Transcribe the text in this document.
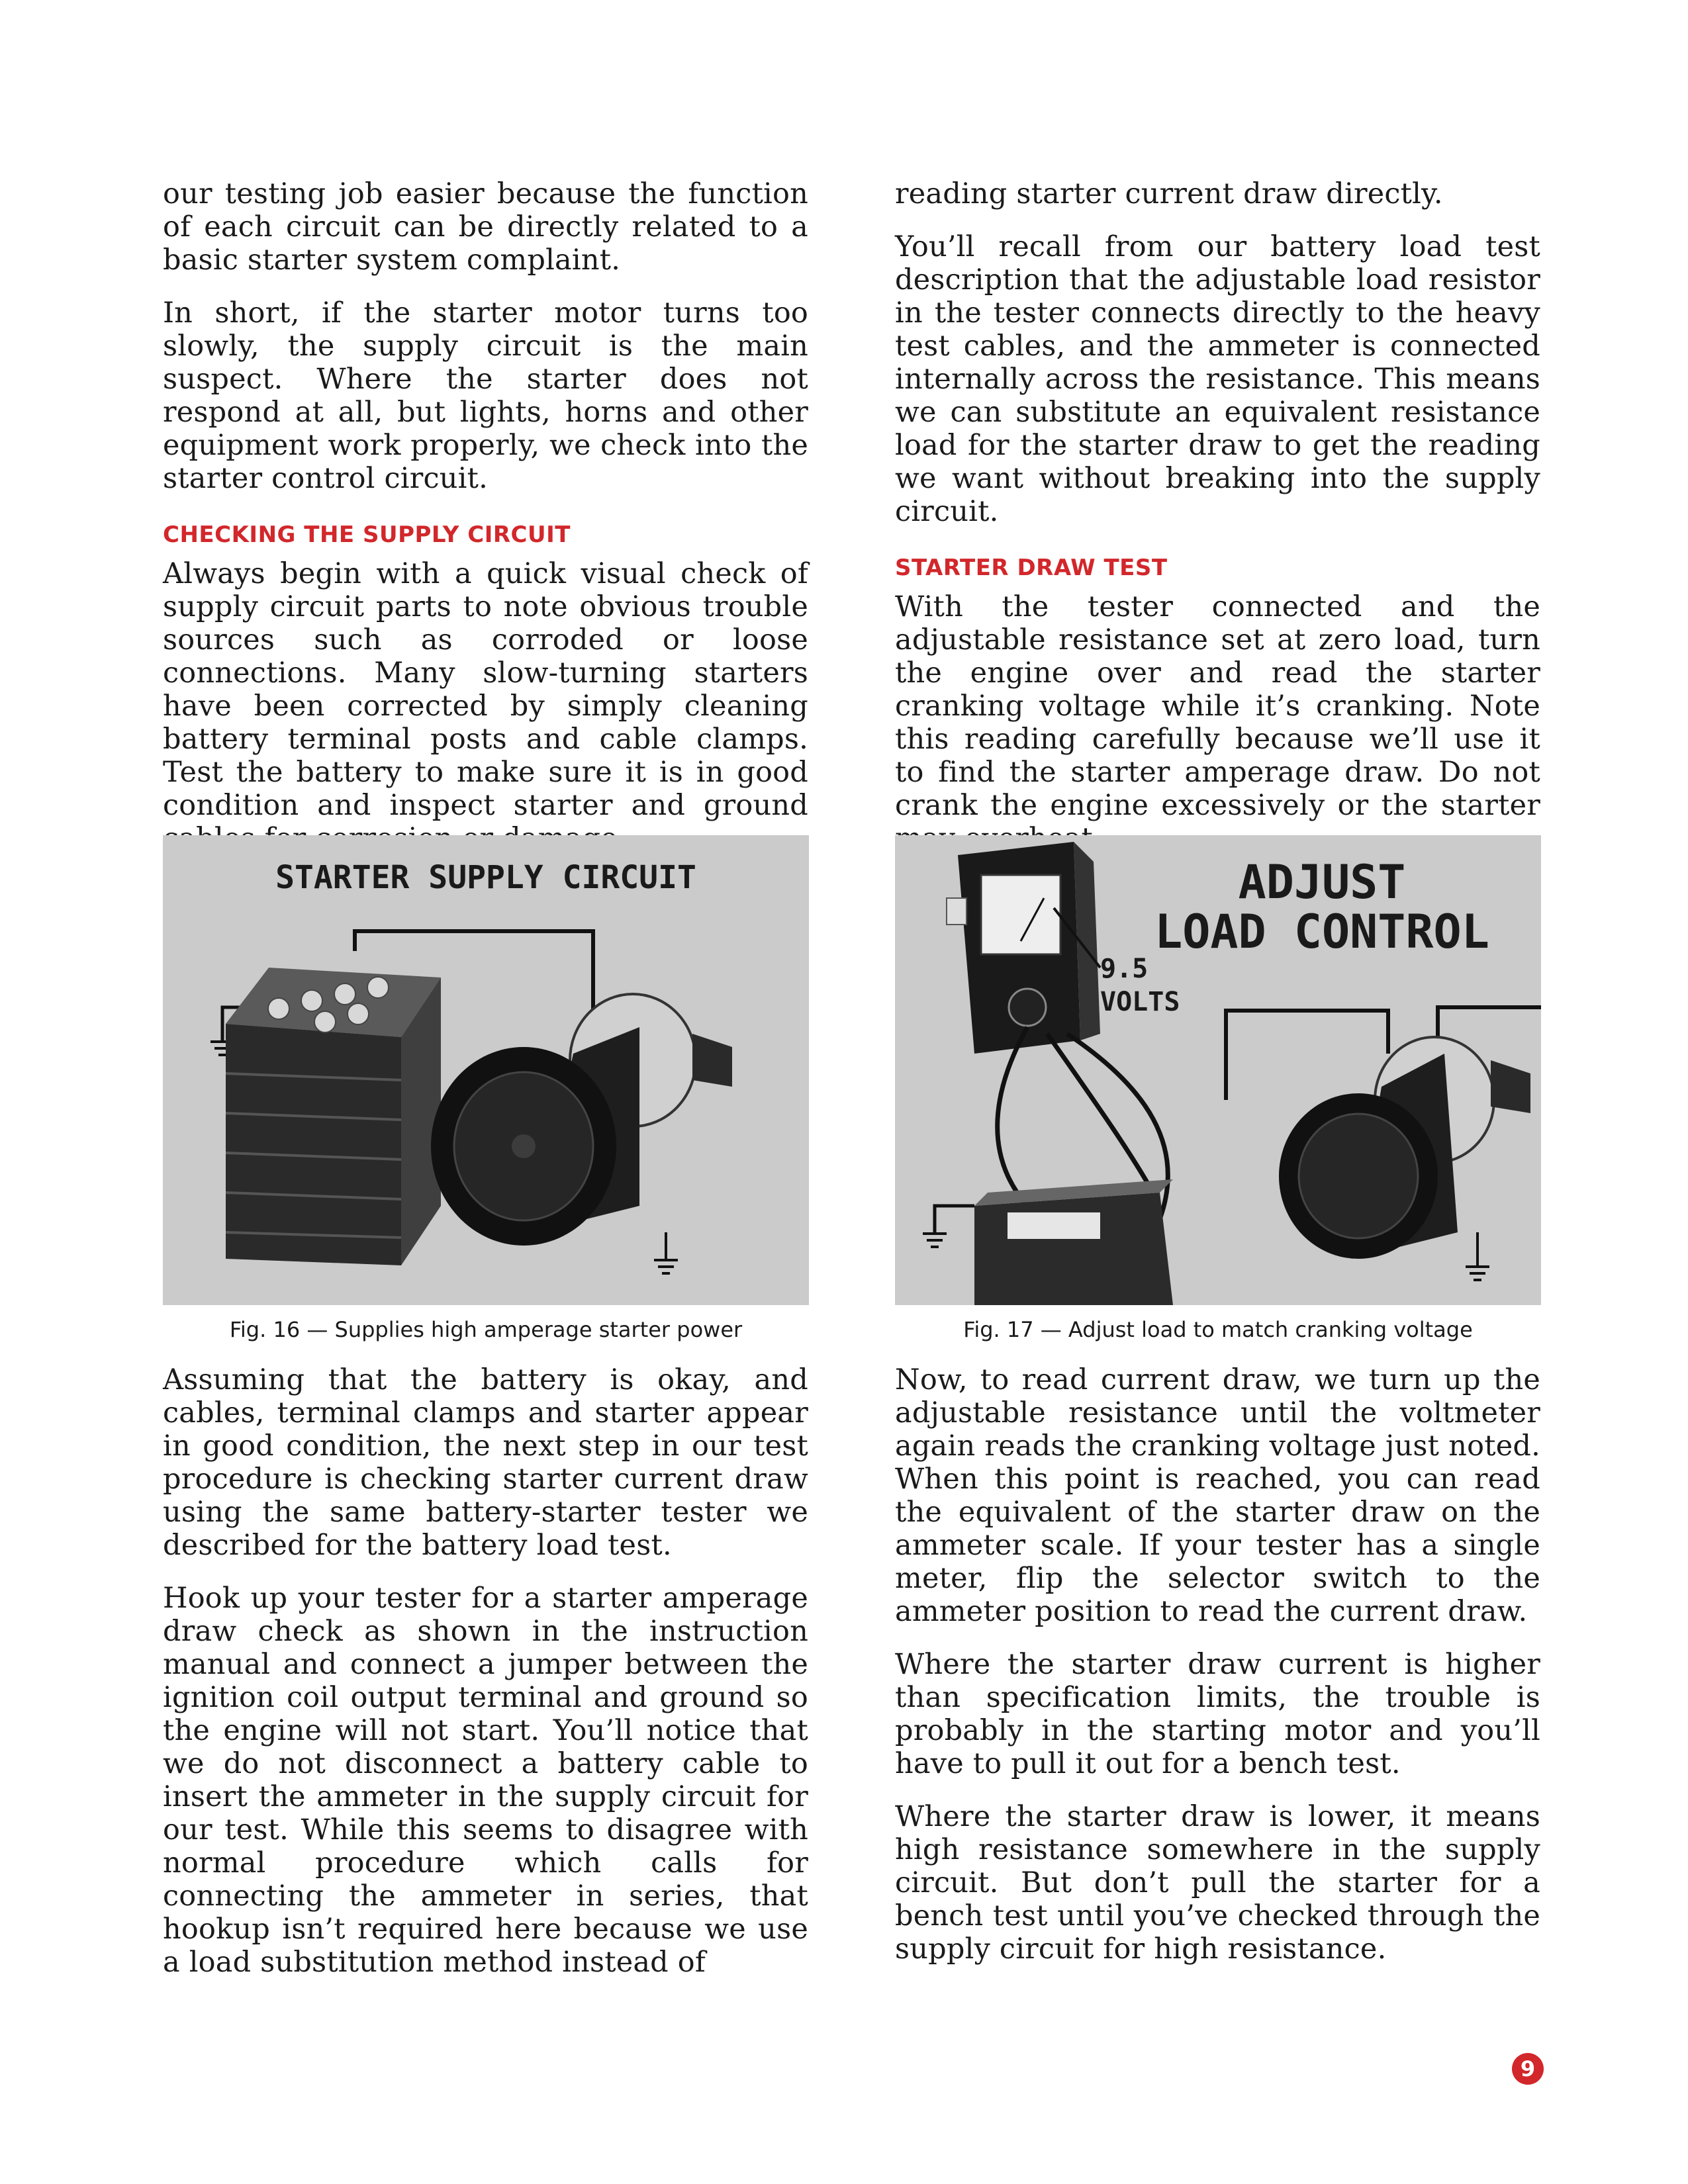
our testing job easier because the function of each circuit can be directly related to a basic starter system complaint.

In short, if the starter motor turns too slowly, the supply circuit is the main suspect. Where the starter does not respond at all, but lights, horns and other equipment work properly, we check into the starter control circuit.

CHECKING THE SUPPLY CIRCUIT

Always begin with a quick visual check of supply circuit parts to note obvious trouble sources such as corroded or loose connections. Many slow-turning starters have been corrected by simply cleaning battery terminal posts and cable clamps. Test the battery to make sure it is in good condition and inspect starter and ground

reading starter current draw directly.

You’ll recall from our battery load test description that the adjustable load resistor in the tester connects directly to the heavy test cables, and the ammeter is connected internally across the resistance. This means we can substitute an equivalent resistance load for the starter draw to get the reading we want without breaking into the supply circuit.

STARTER DRAW TEST

With the tester connected and the adjustable resistance set at zero load, turn the engine over and read the starter cranking voltage while it’s cranking. Note this reading carefully because we’ll use it to find the starter amperage draw. Do not crank the engine excessively or the starter

STARTER SUPPLY CIRCUIT
Fig. 16 — Supplies high amperage starter power
9.5
VOLTS
ADJUST
LOAD CONTROL
Fig. 17 — Adjust load to match cranking voltage

Assuming that the battery is okay, and cables, terminal clamps and starter appear in good condition, the next step in our test procedure is checking starter current draw using the same battery-starter tester we described for the battery load test.

Hook up your tester for a starter amperage draw check as shown in the instruction manual and connect a jumper between the ignition coil output terminal and ground so the engine will not start. You’ll notice that we do not disconnect a battery cable to insert the ammeter in the supply circuit for our test. While this seems to disagree with normal procedure which calls for connecting the ammeter in series, that hookup isn’t required here because we use a load substitution method instead of

Now, to read current draw, we turn up the adjustable resistance until the voltmeter again reads the cranking voltage just noted. When this point is reached, you can read the equivalent of the starter draw on the ammeter scale. If your tester has a single meter, flip the selector switch to the ammeter position to read the current draw.

Where the starter draw current is higher than specification limits, the trouble is probably in the starting motor and you’ll have to pull it out for a bench test.

Where the starter draw is lower, it means high resistance somewhere in the supply circuit. But don’t pull the starter for a bench test until you’ve checked through the supply circuit for high resistance.

9
